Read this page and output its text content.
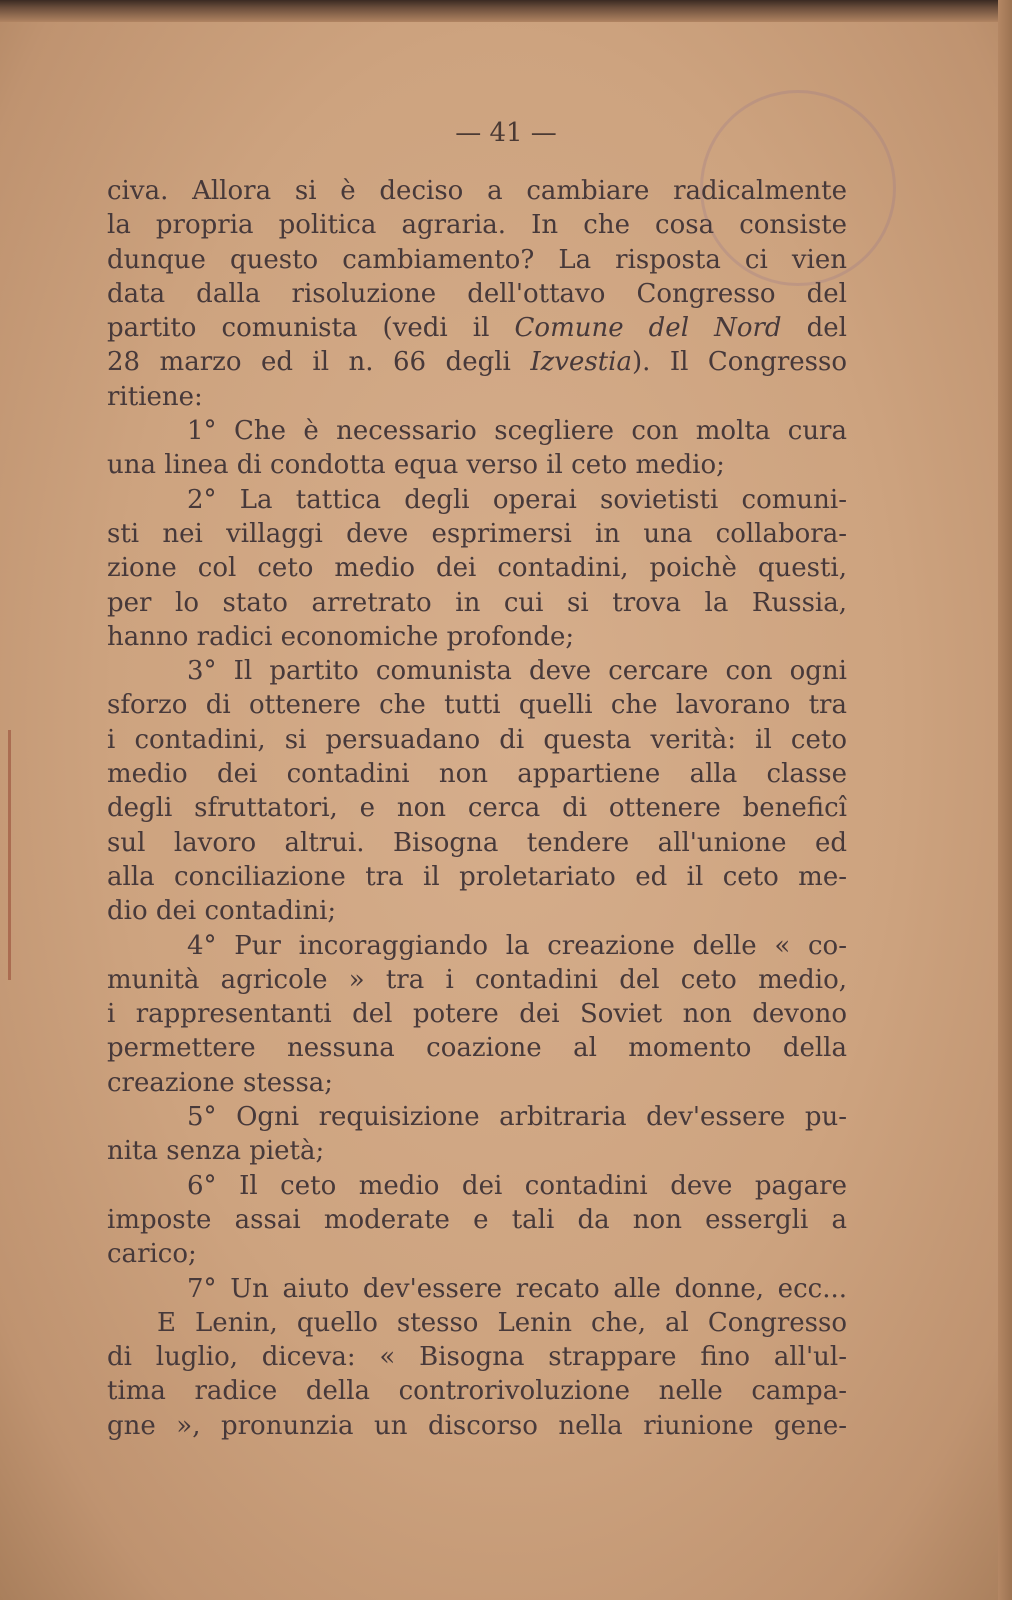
— 41 —
civa. Allora si è deciso a cambiare radicalmente
la propria politica agraria. In che cosa consiste
dunque questo cambiamento? La risposta ci vien
data dalla risoluzione dell'ottavo Congresso del
partito comunista (vedi il Comune del Nord del
28 marzo ed il n. 66 degli Izvestia). Il Congresso
ritiene:
1° Che è necessario scegliere con molta cura
una linea di condotta equa verso il ceto medio;
2° La tattica degli operai sovietisti comuni-
sti nei villaggi deve esprimersi in una collabora-
zione col ceto medio dei contadini, poichè questi,
per lo stato arretrato in cui si trova la Russia,
hanno radici economiche profonde;
3° Il partito comunista deve cercare con ogni
sforzo di ottenere che tutti quelli che lavorano tra
i contadini, si persuadano di questa verità: il ceto
medio dei contadini non appartiene alla classe
degli sfruttatori, e non cerca di ottenere beneficî
sul lavoro altrui. Bisogna tendere all'unione ed
alla conciliazione tra il proletariato ed il ceto me-
dio dei contadini;
4° Pur incoraggiando la creazione delle « co-
munità agricole » tra i contadini del ceto medio,
i rappresentanti del potere dei Soviet non devono
permettere nessuna coazione al momento della
creazione stessa;
5° Ogni requisizione arbitraria dev'essere pu-
nita senza pietà;
6° Il ceto medio dei contadini deve pagare
imposte assai moderate e tali da non essergli a
carico;
7° Un aiuto dev'essere recato alle donne, ecc...
E Lenin, quello stesso Lenin che, al Congresso
di luglio, diceva: « Bisogna strappare fino all'ul-
tima radice della controrivoluzione nelle campa-
gne », pronunzia un discorso nella riunione gene-
